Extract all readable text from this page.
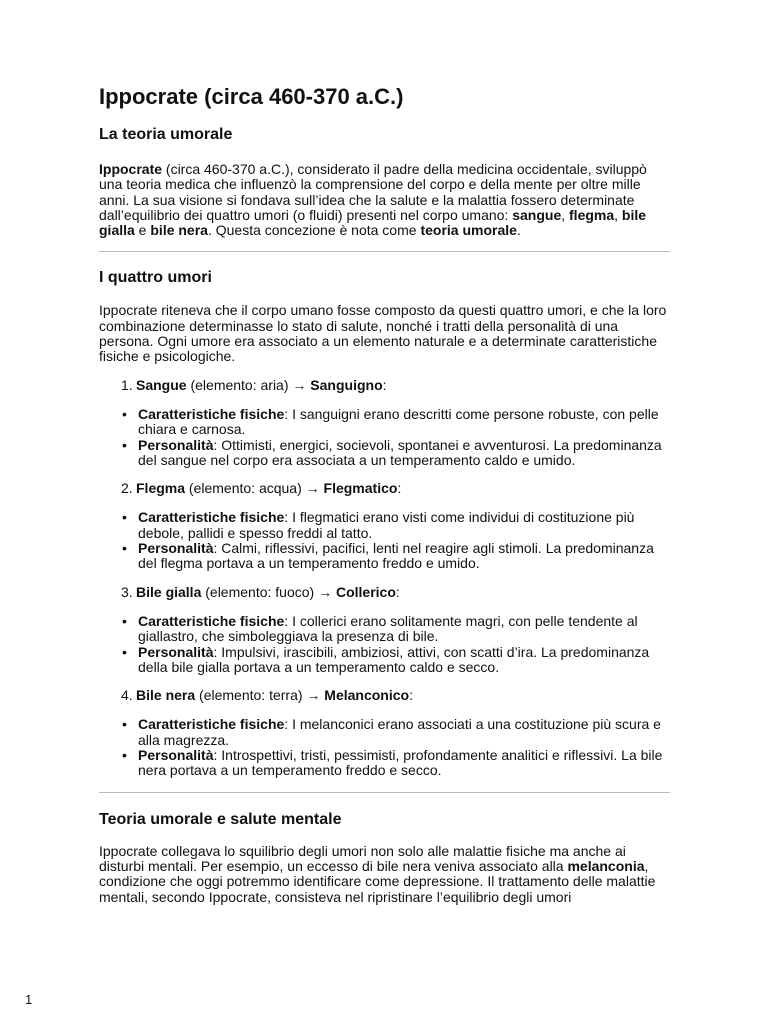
Ippocrate (circa 460-370 a.C.)
La teoria umorale

Ippocrate (circa 460-370 a.C.), considerato il padre della medicina occidentale, sviluppò una teoria medica che influenzò la comprensione del corpo e della mente per oltre mille anni. La sua visione si fondava sull’idea che la salute e la malattia fossero determinate dall’equilibrio dei quattro umori (o fluidi) presenti nel corpo umano: sangue, flegma, bile gialla e bile nera. Questa concezione è nota come teoria umorale.

I quattro umori

Ippocrate riteneva che il corpo umano fosse composto da questi quattro umori, e che la loro combinazione determinasse lo stato di salute, nonché i tratti della personalità di una persona. Ogni umore era associato a un elemento naturale e a determinate caratteristiche fisiche e psicologiche.

1. Sangue (elemento: aria) → Sanguigno:
• Caratteristiche fisiche: I sanguigni erano descritti come persone robuste, con pelle chiara e carnosa.
• Personalità: Ottimisti, energici, socievoli, spontanei e avventurosi. La predominanza del sangue nel corpo era associata a un temperamento caldo e umido.
2. Flegma (elemento: acqua) → Flegmatico:
• Caratteristiche fisiche: I flegmatici erano visti come individui di costituzione più debole, pallidi e spesso freddi al tatto.
• Personalità: Calmi, riflessivi, pacifici, lenti nel reagire agli stimoli. La predominanza del flegma portava a un temperamento freddo e umido.
3. Bile gialla (elemento: fuoco) → Collerico:
• Caratteristiche fisiche: I collerici erano solitamente magri, con pelle tendente al giallastro, che simboleggiava la presenza di bile.
• Personalità: Impulsivi, irascibili, ambiziosi, attivi, con scatti d’ira. La predominanza della bile gialla portava a un temperamento caldo e secco.
4. Bile nera (elemento: terra) → Melanconico:
• Caratteristiche fisiche: I melanconici erano associati a una costituzione più scura e alla magrezza.
• Personalità: Introspettivi, tristi, pessimisti, profondamente analitici e riflessivi. La bile nera portava a un temperamento freddo e secco.
Teoria umorale e salute mentale

Ippocrate collegava lo squilibrio degli umori non solo alle malattie fisiche ma anche ai disturbi mentali. Per esempio, un eccesso di bile nera veniva associato alla melanconia, condizione che oggi potremmo identificare come depressione. Il trattamento delle malattie mentali, secondo Ippocrate, consisteva nel ripristinare l’equilibrio degli umori

1
